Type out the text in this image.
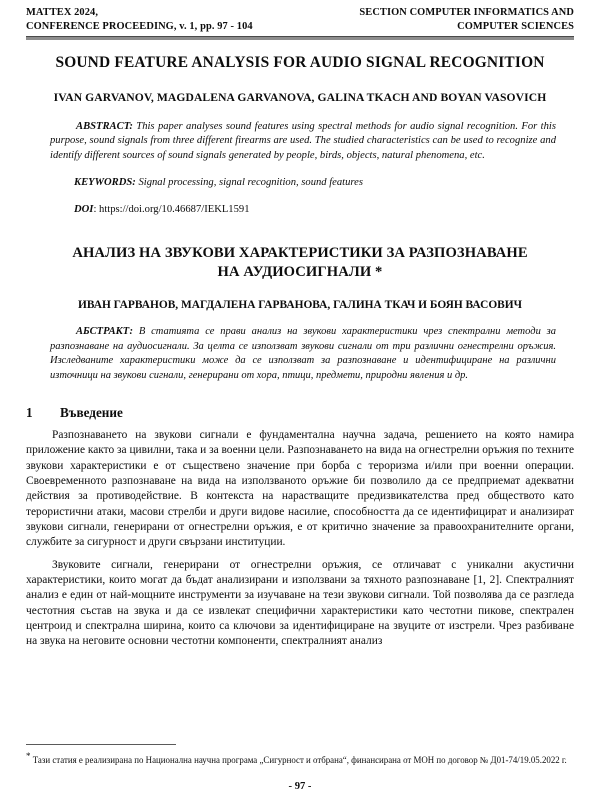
MATTEX 2024,
CONFERENCE PROCEEDING, v. 1, pp. 97 - 104
SECTION COMPUTER INFORMATICS AND
COMPUTER SCIENCES
SOUND FEATURE ANALYSIS FOR AUDIO SIGNAL RECOGNITION
IVAN GARVANOV, MAGDALENA GARVANOVA, GALINA TKACH AND BOYAN VASOVICH
ABSTRACT: This paper analyses sound features using spectral methods for audio signal recognition. For this purpose, sound signals from three different firearms are used. The studied characteristics can be used to recognize and identify different sources of sound signals generated by people, birds, objects, natural phenomena, etc.
KEYWORDS: Signal processing, signal recognition, sound features
DOI: https://doi.org/10.46687/IEKL1591
АНАЛИЗ НА ЗВУКОВИ ХАРАКТЕРИСТИКИ ЗА РАЗПОЗНАВАНЕ
НА АУДИОСИГНАЛИ *
ИВАН ГАРВАНОВ, МАГДАЛЕНА ГАРВАНОВА, ГАЛИНА ТКАЧ И БОЯН ВАСОВИЧ
АБСТРАКТ: В статията се прави анализ на звукови характеристики чрез спектрални методи за разпознаване на аудиосигнали. За целта се използват звукови сигнали от три различни огнестрелни оръжия. Изследваните характеристики може да се използват за разпознаване и идентифициране на различни източници на звукови сигнали, генерирани от хора, птици, предмети, природни явления и др.
1	Въведение

Разпознаването на звукови сигнали е фундаментална научна задача, решението на която намира приложение както за цивилни, така и за военни цели. Разпознаването на вида на огнестрелни оръжия по техните звукови характеристики е от съществено значение при борба с тероризма и/или при военни операции. Своевременното разпознаване на вида на използваното оръжие би позволило да се предприемат адекватни действия за противодействие. В контекста на нарастващите предизвикателства пред обществото като терористични атаки, масови стрелби и други видове насилие, способността да се идентифицират и анализират звукови сигнали, генерирани от огнестрелни оръжия, е от критично значение за правоохранителните органи, службите за сигурност и други свързани институции.

Звуковите сигнали, генерирани от огнестрелни оръжия, се отличават с уникални акустични характеристики, които могат да бъдат анализирани и използвани за тяхното разпознаване [1, 2]. Спектралният анализ е един от най-мощните инструменти за изучаване на тези звукови сигнали. Той позволява да се разгледа честотния състав на звука и да се извлекат специфични характеристики като честотни пикове, спектрален центроид и спектрална ширина, които са ключови за идентифициране на звуците от изстрели. Чрез разбиване на звука на неговите основни честотни компоненти, спектралният анализ

* Тази статия е реализирана по Национална научна програма „Сигурност и отбрана“, финансирана от МОН по договор № Д01-74/19.05.2022 г.
- 97 -
